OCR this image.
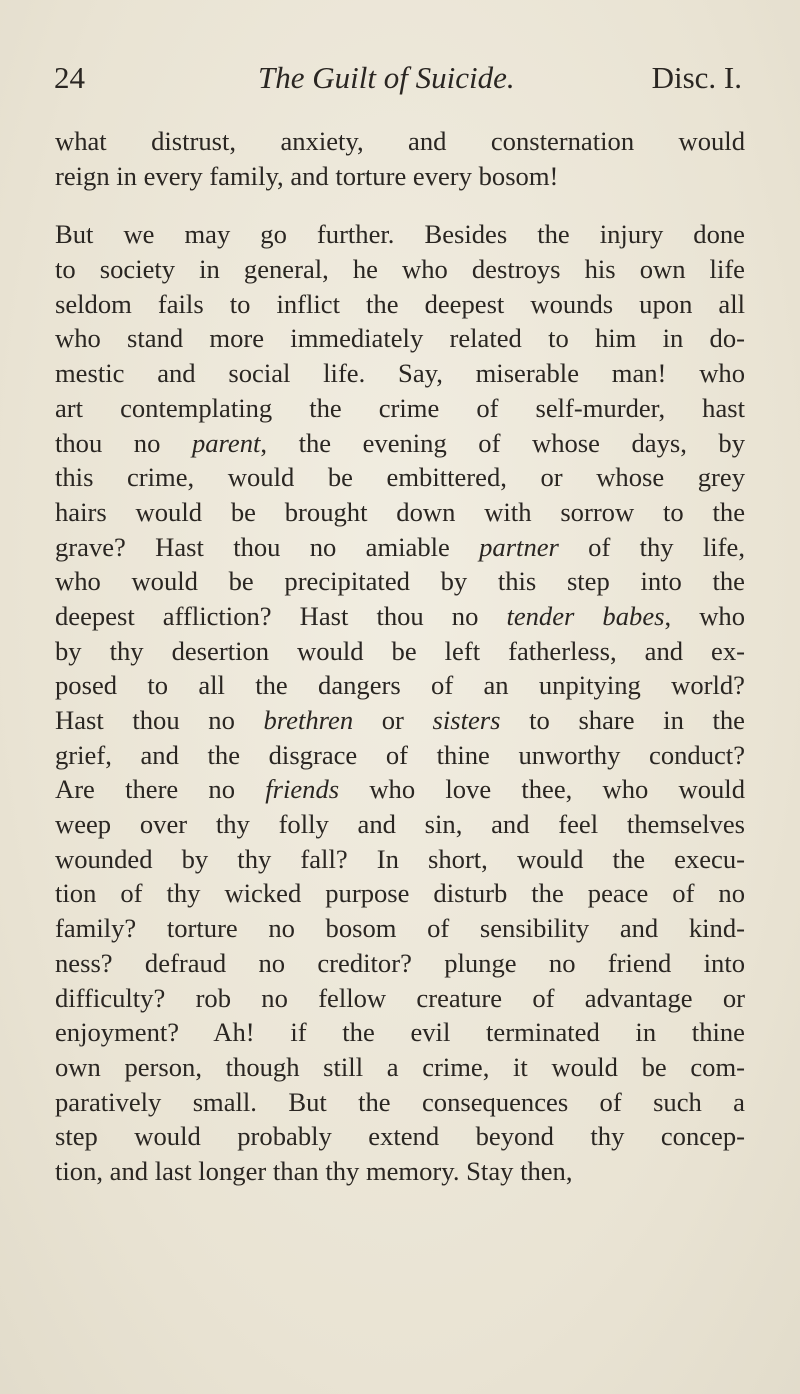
24	The Guilt of Suicide.	Disc. I.
what distrust, anxiety, and consternation would
reign in every family, and torture every bosom!
But we may go further. Besides the injury done
to society in general, he who destroys his own life
seldom fails to inflict the deepest wounds upon all
who stand more immediately related to him in do-
mestic and social life. Say, miserable man! who
art contemplating the crime of self-murder, hast
thou no parent, the evening of whose days, by
this crime, would be embittered, or whose grey
hairs would be brought down with sorrow to the
grave? Hast thou no amiable partner of thy life,
who would be precipitated by this step into the
deepest affliction? Hast thou no tender babes, who
by thy desertion would be left fatherless, and ex-
posed to all the dangers of an unpitying world?
Hast thou no brethren or sisters to share in the
grief, and the disgrace of thine unworthy conduct?
Are there no friends who love thee, who would
weep over thy folly and sin, and feel themselves
wounded by thy fall? In short, would the execu-
tion of thy wicked purpose disturb the peace of no
family? torture no bosom of sensibility and kind-
ness? defraud no creditor? plunge no friend into
difficulty? rob no fellow creature of advantage or
enjoyment? Ah! if the evil terminated in thine
own person, though still a crime, it would be com-
paratively small. But the consequences of such a
step would probably extend beyond thy concep-
tion, and last longer than thy memory. Stay then,
